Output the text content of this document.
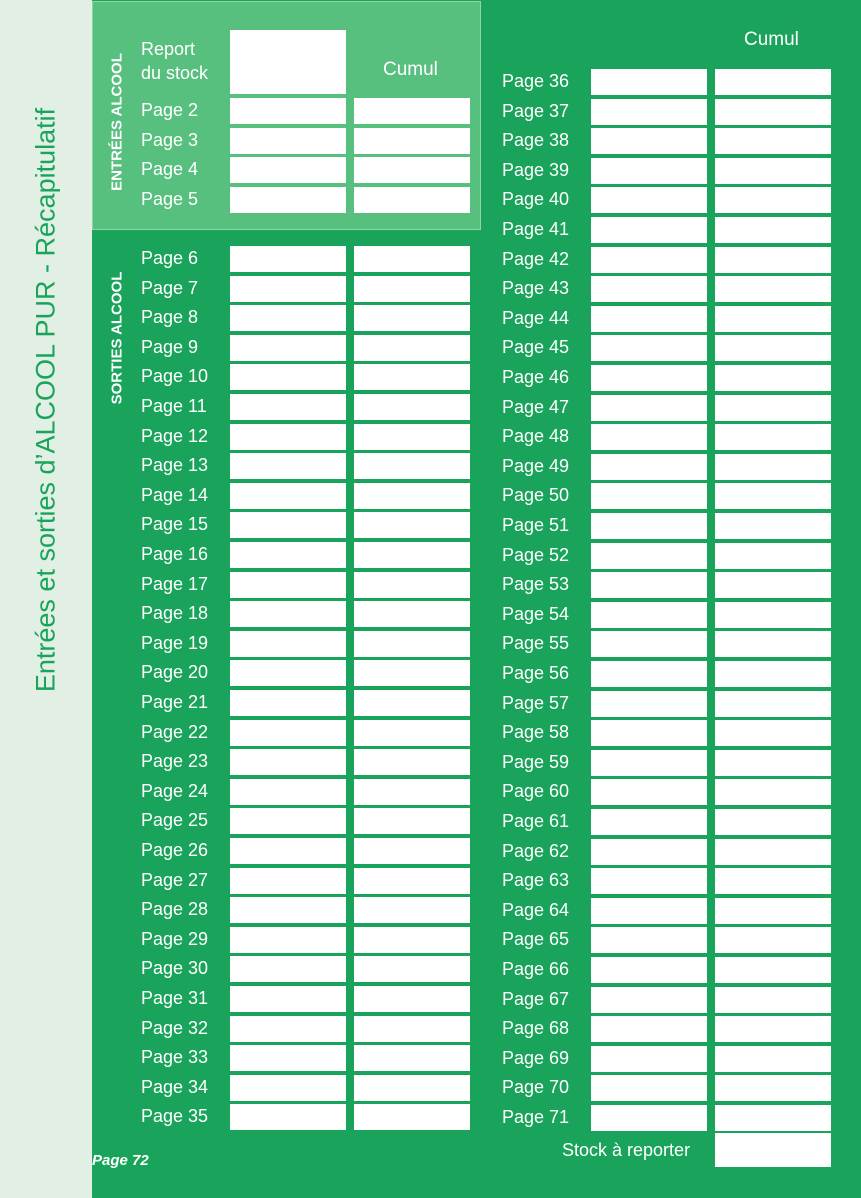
Entrées et sorties d’ALCOOL PUR - Récapitulatif	ENTRÉES ALCOOL
Report
du stock	Cumul
Page 2
Page 3
Page 4
Page 5
SORTIES ALCOOL
Page 6
Page 7
Page 8
Page 9
Page 10
Page 11
Page 12
Page 13
Page 14
Page 15
Page 16
Page 17
Page 18
Page 19
Page 20
Page 21
Page 22
Page 23
Page 24
Page 25
Page 26
Page 27
Page 28
Page 29
Page 30
Page 31
Page 32
Page 33
Page 34
Page 35
Cumul
Page 36
Page 37
Page 38
Page 39
Page 40
Page 41
Page 42
Page 43
Page 44
Page 45
Page 46
Page 47
Page 48
Page 49
Page 50
Page 51
Page 52
Page 53
Page 54
Page 55
Page 56
Page 57
Page 58
Page 59
Page 60
Page 61
Page 62
Page 63
Page 64
Page 65
Page 66
Page 67
Page 68
Page 69
Page 70
Page 71
Stock à reporter
Page 72
